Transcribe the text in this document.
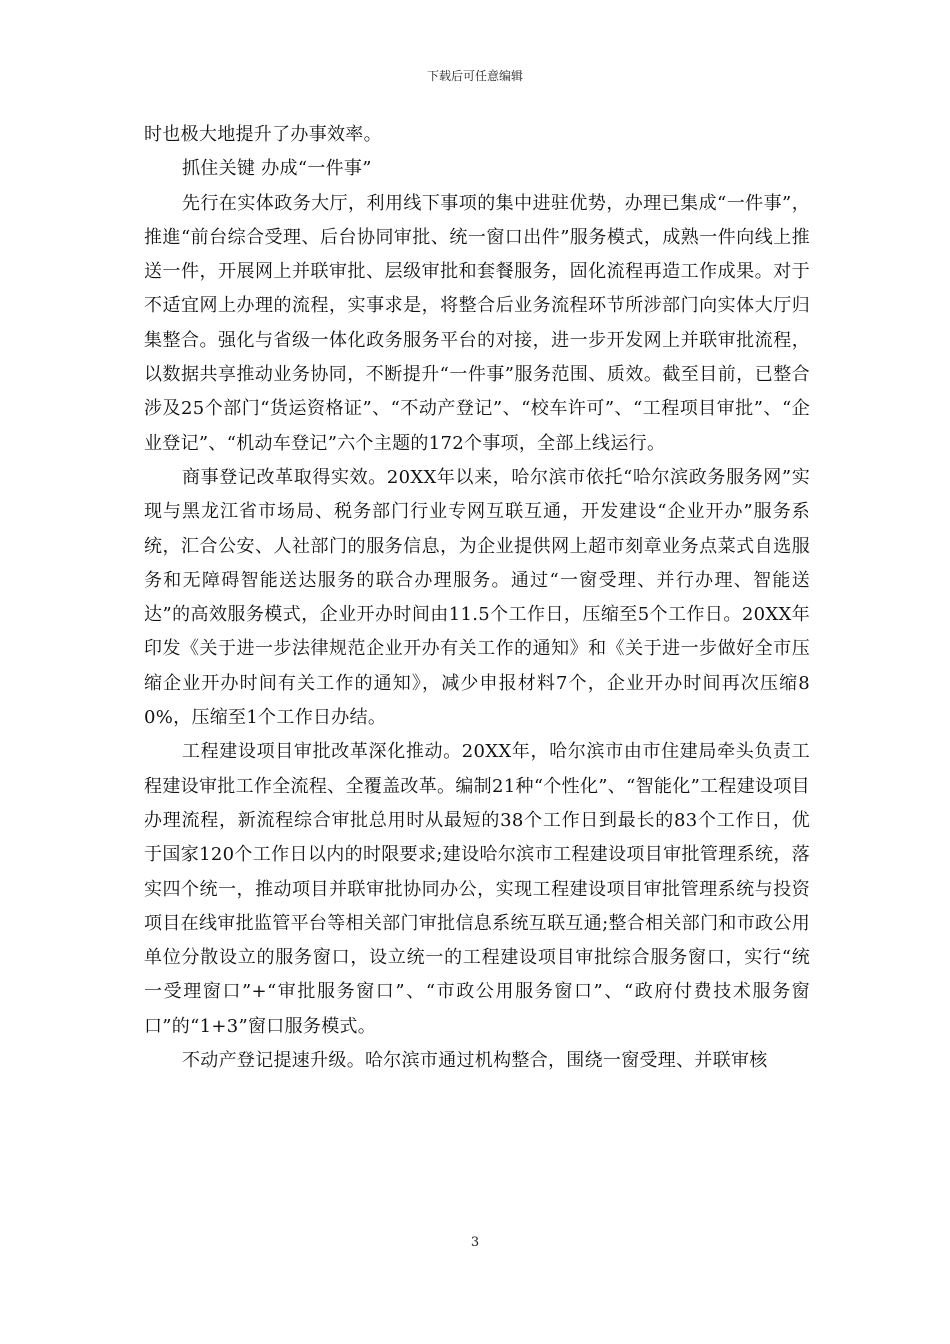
下载后可任意编辑

时也极大地提升了办事效率。

抓住关键 办成“一件事”

先行在实体政务大厅，利用线下事项的集中进驻优势，办理已集成“一件事”，推進“前台综合受理、后台协同审批、统一窗口出件”服务模式，成熟一件向线上推送一件，开展网上并联审批、层级审批和套餐服务，固化流程再造工作成果。对于不适宜网上办理的流程，实事求是，将整合后业务流程环节所涉部门向实体大厅归集整合。强化与省级一体化政务服务平台的对接，进一步开发网上并联审批流程，以数据共享推动业务协同，不断提升“一件事”服务范围、质效。截至目前，已整合涉及25个部门“货运资格证”、“不动产登记”、“校车许可”、“工程项目审批”、“企业登记”、“机动车登记”六个主题的172个事项，全部上线运行。

商事登记改革取得实效。20XX年以来，哈尔滨市依托“哈尔滨政务服务网”实现与黑龙江省市场局、税务部门行业专网互联互通，开发建设“企业开办”服务系统，汇合公安、人社部门的服务信息，为企业提供网上超市刻章业务点菜式自选服务和无障碍智能送达服务的联合办理服务。通过“一窗受理、并行办理、智能送达”的高效服务模式，企业开办时间由11.5个工作日，压缩至5个工作日。20XX年印发《关于进一步法律规范企业开办有关工作的通知》和《关于进一步做好全市压缩企业开办时间有关工作的通知》，减少申报材料7个，企业开办时间再次压缩80%，压缩至1个工作日办结。

工程建设项目审批改革深化推动。20XX年，哈尔滨市由市住建局牵头负责工程建设审批工作全流程、全覆盖改革。编制21种“个性化”、“智能化”工程建设项目办理流程，新流程综合审批总用时从最短的38个工作日到最长的83个工作日，优于国家120个工作日以内的时限要求;建设哈尔滨市工程建设项目审批管理系统，落实四个统一，推动项目并联审批协同办公，实现工程建设项目审批管理系统与投资项目在线审批监管平台等相关部门审批信息系统互联互通;整合相关部门和市政公用单位分散设立的服务窗口，设立统一的工程建设项目审批综合服务窗口，实行“统一受理窗口”+“审批服务窗口”、“市政公用服务窗口”、“政府付费技术服务窗口”的“1+3”窗口服务模式。

不动产登记提速升级。哈尔滨市通过机构整合，围绕一窗受理、并联审核

3
